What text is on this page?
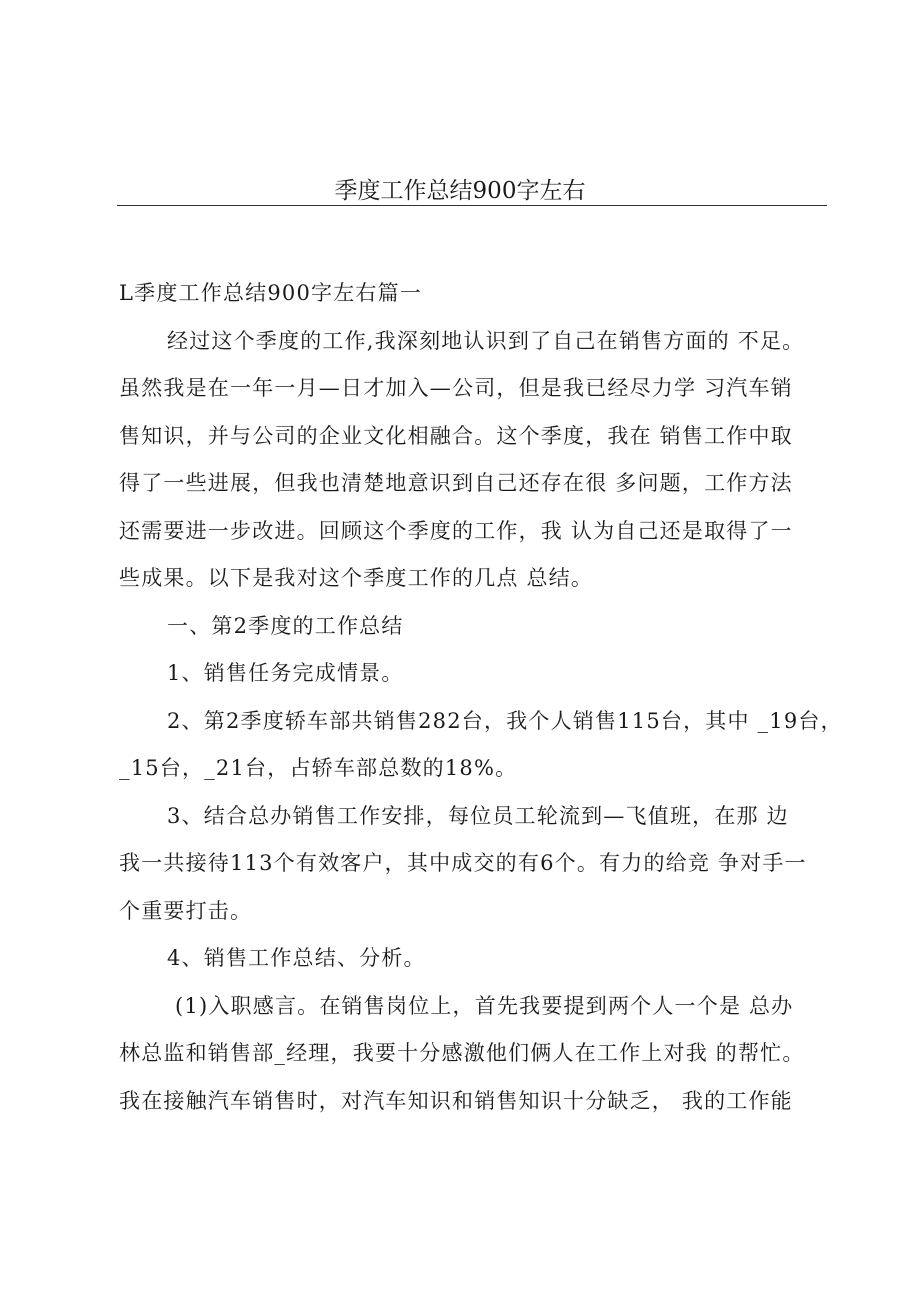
季度工作总结900字左右
L季度工作总结900字左右篇一
经过这个季度的工作,我深刻地认识到了自己在销售方面的 不足。
虽然我是在一年一月—日才加入—公司，但是我已经尽力学 习汽车销
售知识，并与公司的企业文化相融合。这个季度，我在 销售工作中取
得了一些进展，但我也清楚地意识到自己还存在很 多问题，工作方法
还需要进一步改进。回顾这个季度的工作，我 认为自己还是取得了一
些成果。以下是我对这个季度工作的几点 总结。
一、第2季度的工作总结
1、销售任务完成情景。
2、第2季度轿车部共销售282台，我个人销售115台，其中 _19台，
_15台，_21台，占轿车部总数的18%。
3、结合总办销售工作安排，每位员工轮流到—飞值班，在那 边
我一共接待113个有效客户，其中成交的有6个。有力的给竞 争对手一
个重要打击。
4、销售工作总结、分析。
(1)入职感言。在销售岗位上，首先我要提到两个人一个是 总办
林总监和销售部_经理，我要十分感激他们俩人在工作上对我 的帮忙。
我在接触汽车销售时，对汽车知识和销售知识十分缺乏， 我的工作能
